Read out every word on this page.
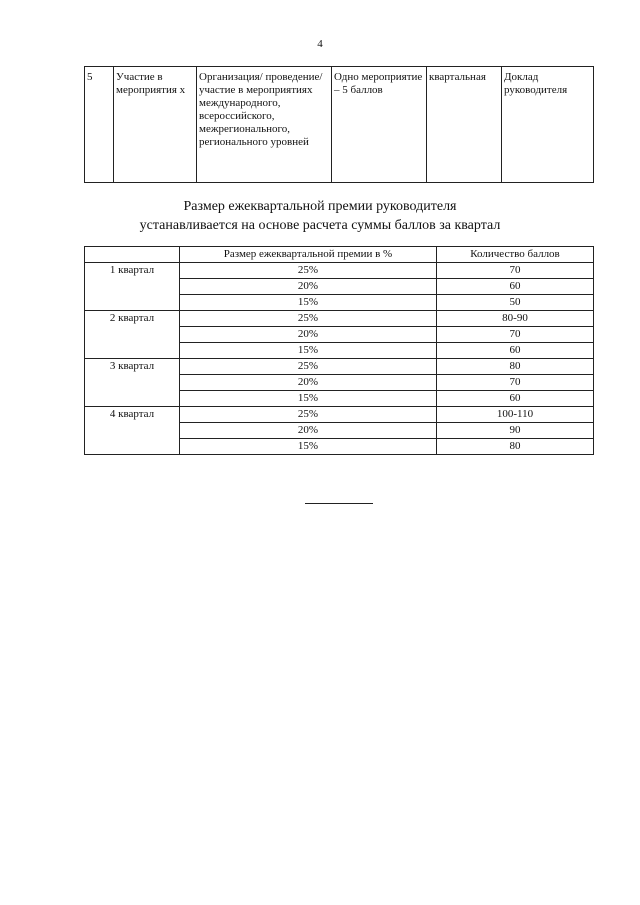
4
5	Участие в мероприятия х	Организация/ проведение/участие в мероприятиях международного, всероссийского, межрегионального, регионального уровней	Одно мероприятие – 5 баллов	квартальная	Доклад руководителя
Размер ежеквартальной премии руководителя
устанавливается на основе расчета суммы баллов за квартал
	Размер ежеквартальной премии в %	Количество баллов
1 квартал	25%	70
	20%	60
	15%	50
2 квартал	25%	80-90
	20%	70
	15%	60
3 квартал	25%	80
	20%	70
	15%	60
4 квартал	25%	100-110
	20%	90
	15%	80
